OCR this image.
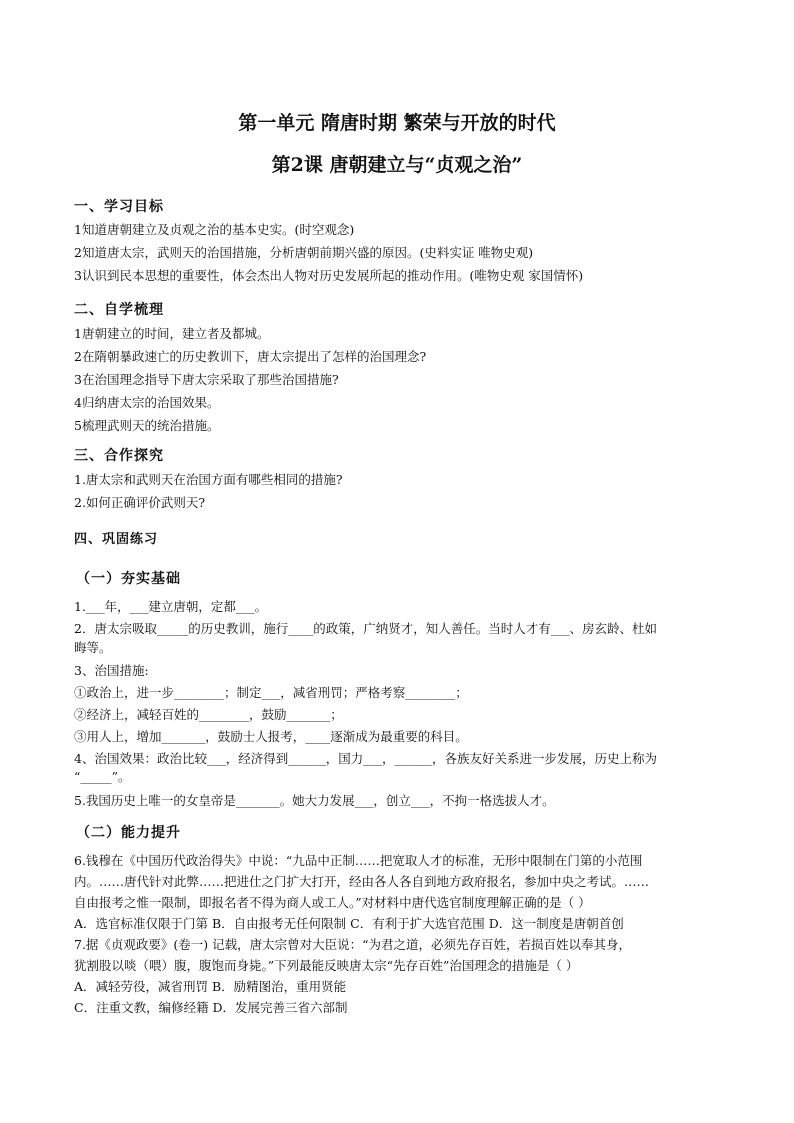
第一单元 隋唐时期 繁荣与开放的时代
第2课 唐朝建立与“贞观之治”
一、学习目标
1知道唐朝建立及贞观之治的基本史实。(时空观念)
2知道唐太宗，武则天的治国措施，分析唐朝前期兴盛的原因。(史料实证 唯物史观)
3认识到民本思想的重要性，体会杰出人物对历史发展所起的推动作用。(唯物史观 家国情怀)
二、自学梳理
1唐朝建立的时间，建立者及都城。
2在隋朝暴政速亡的历史教训下，唐太宗提出了怎样的治国理念?
3在治国理念指导下唐太宗采取了那些治国措施?
4归纳唐太宗的治国效果。
5梳理武则天的统治措施。
三、合作探究
1.唐太宗和武则天在治国方面有哪些相同的措施?
2.如何正确评价武则天?
四、巩固练习
（一）夯实基础
1.___年，___建立唐朝，定都___。
2．唐太宗吸取_____的历史教训，施行____的政策，广纳贤才，知人善任。当时人才有___、房玄龄、杜如
晦等。
3、治国措施:
①政治上，进一步________；制定___，减省刑罚；严格考察________；
②经济上，减轻百姓的________，鼓励_______；
③用人上，增加_______，鼓励士人报考，____逐渐成为最重要的科目。
4、治国效果：政治比较___，经济得到______，国力___，______，各族友好关系进一步发展，历史上称为
“_____”。
5.我国历史上唯一的女皇帝是_______。她大力发展___，创立___，不拘一格选拔人才。
（二）能力提升
6.钱穆在《中国历代政治得失》中说：“九品中正制……把宽取人才的标准，无形中限制在门第的小范围
内。……唐代针对此弊……把进仕之门扩大打开，经由各人各自到地方政府报名，参加中央之考试。……
自由报考之惟一限制，即报名者不得为商人或工人。”对材料中唐代选官制度理解正确的是（ ）
A．选官标准仅限于门第 B．自由报考无任何限制 C．有利于扩大选官范围 D．这一制度是唐朝首创
7.据《贞观政要》(卷一) 记载，唐太宗曾对大臣说：“为君之道，必须先存百姓，若损百姓以奉其身，
犹割股以啖（喂）腹，腹饱而身毙。”下列最能反映唐太宗“先存百姓”治国理念的措施是（ ）
A．减轻劳役，减省刑罚 B．励精图治，重用贤能
C．注重文教，编修经籍 D．发展完善三省六部制
